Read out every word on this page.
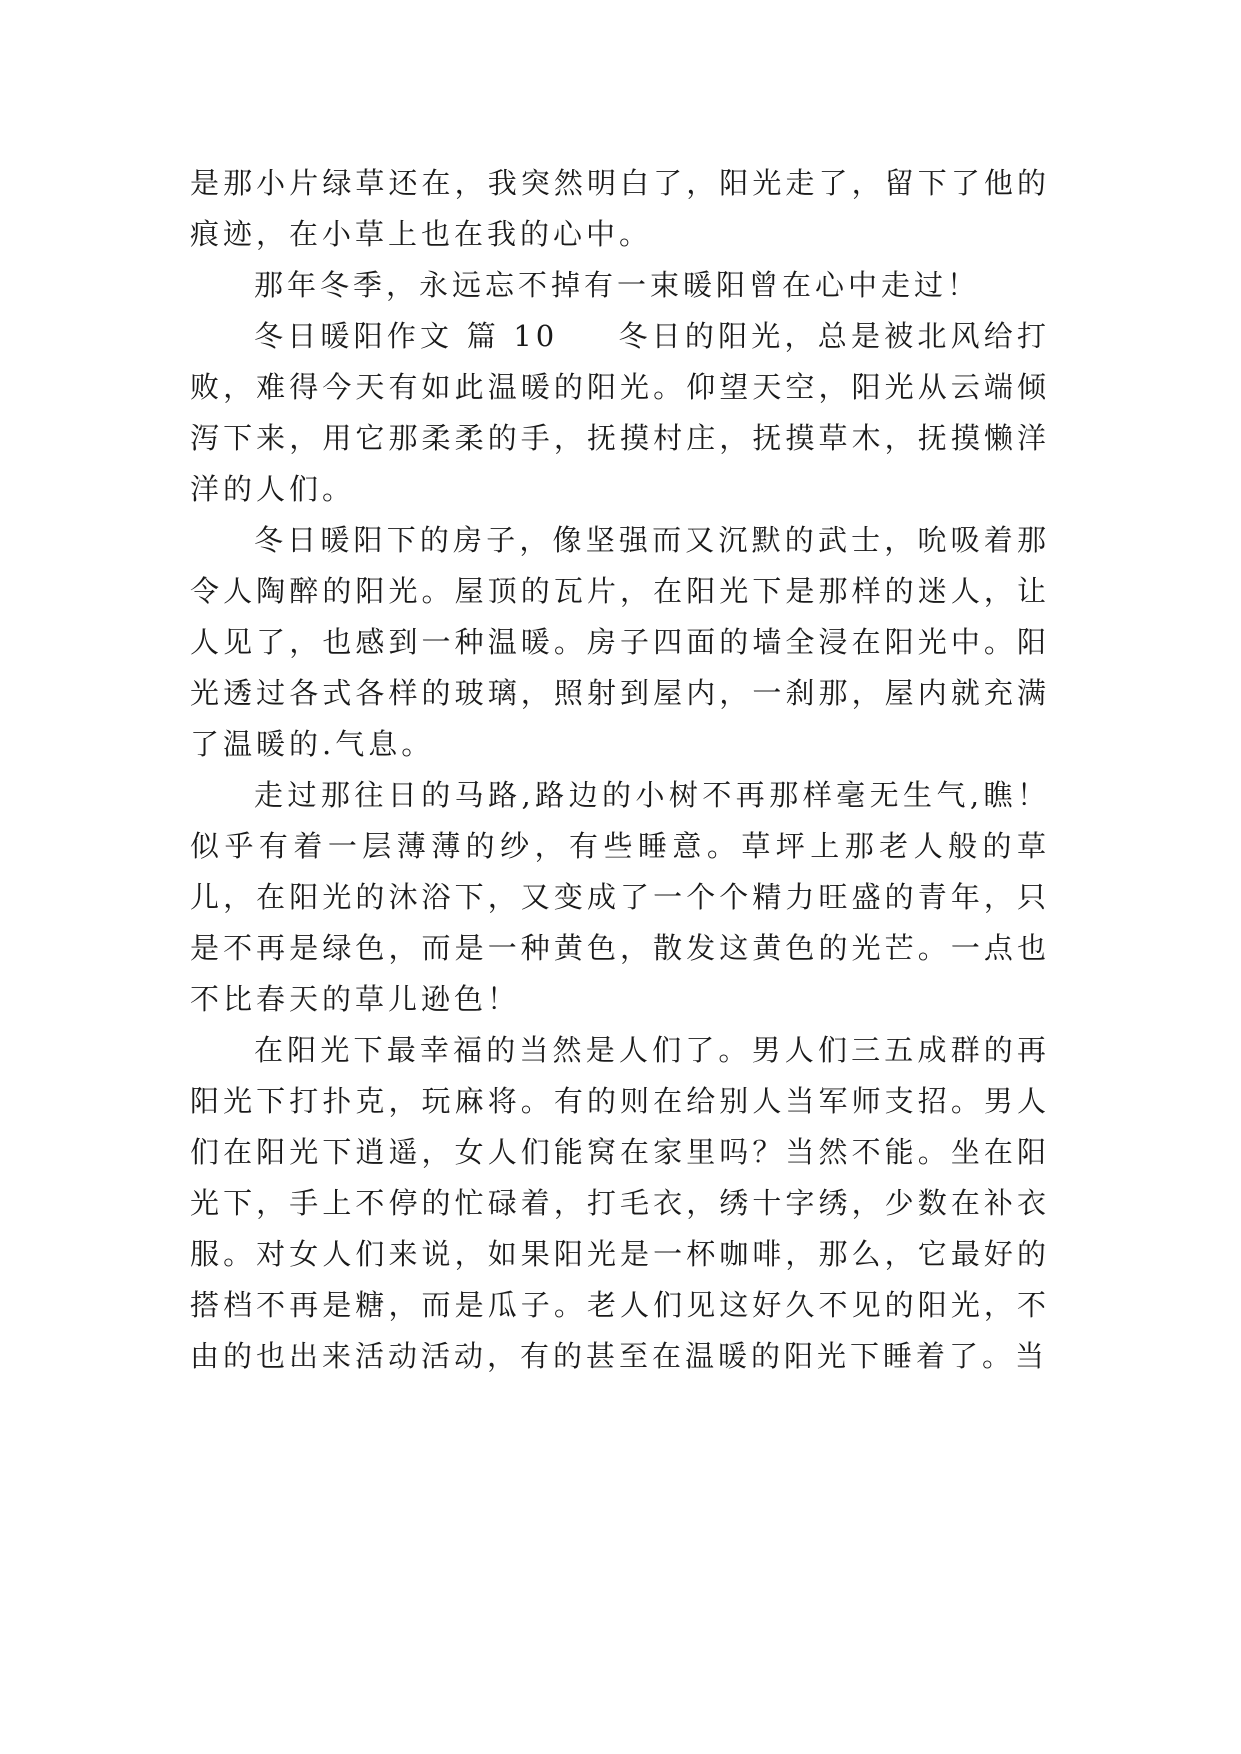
是那小片绿草还在，我突然明白了，阳光走了，留下了他的痕迹，在小草上也在我的心中。

那年冬季，永远忘不掉有一束暖阳曾在心中走过！

冬日暖阳作文 篇 10 冬日的阳光，总是被北风给打败，难得今天有如此温暖的阳光。仰望天空，阳光从云端倾泻下来，用它那柔柔的手，抚摸村庄，抚摸草木，抚摸懒洋洋的人们。

冬日暖阳下的房子，像坚强而又沉默的武士，吮吸着那令人陶醉的阳光。屋顶的瓦片，在阳光下是那样的迷人，让人见了，也感到一种温暖。房子四面的墙全浸在阳光中。阳光透过各式各样的玻璃，照射到屋内，一刹那，屋内就充满了温暖的.气息。

走过那往日的马路,路边的小树不再那样毫无生气,瞧！似乎有着一层薄薄的纱，有些睡意。草坪上那老人般的草儿，在阳光的沐浴下，又变成了一个个精力旺盛的青年，只是不再是绿色，而是一种黄色，散发这黄色的光芒。一点也不比春天的草儿逊色！

在阳光下最幸福的当然是人们了。男人们三五成群的再阳光下打扑克，玩麻将。有的则在给别人当军师支招。男人们在阳光下逍遥，女人们能窝在家里吗？当然不能。坐在阳光下，手上不停的忙碌着，打毛衣，绣十字绣，少数在补衣服。对女人们来说，如果阳光是一杯咖啡，那么，它最好的搭档不再是糖，而是瓜子。老人们见这好久不见的阳光，不由的也出来活动活动，有的甚至在温暖的阳光下睡着了。当
